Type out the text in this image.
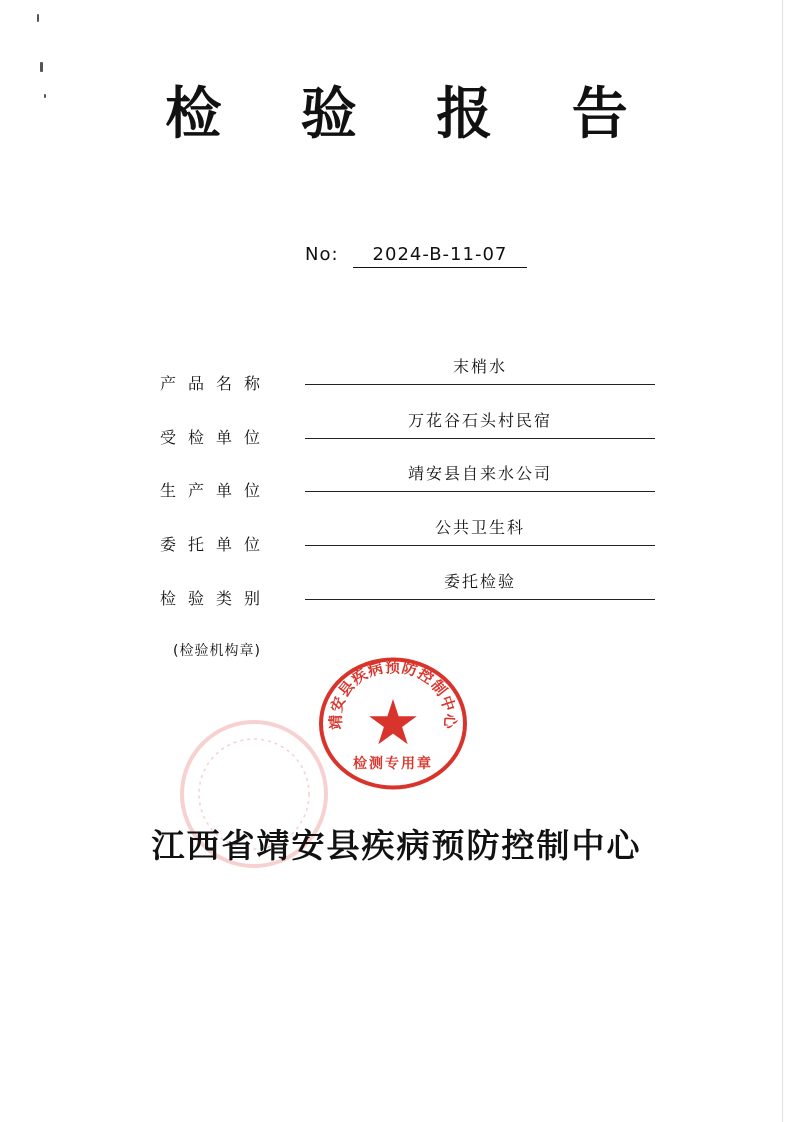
检 验 报 告
No: 2024-B-11-07
产品名称
末梢水
受检单位
万花谷石头村民宿
生产单位
靖安县自来水公司
委托单位
公共卫生科
检验类别
委托检验
(检验机构章)
靖安县疾病预防控制中心
检测专用章
江西省靖安县疾病预防控制中心
